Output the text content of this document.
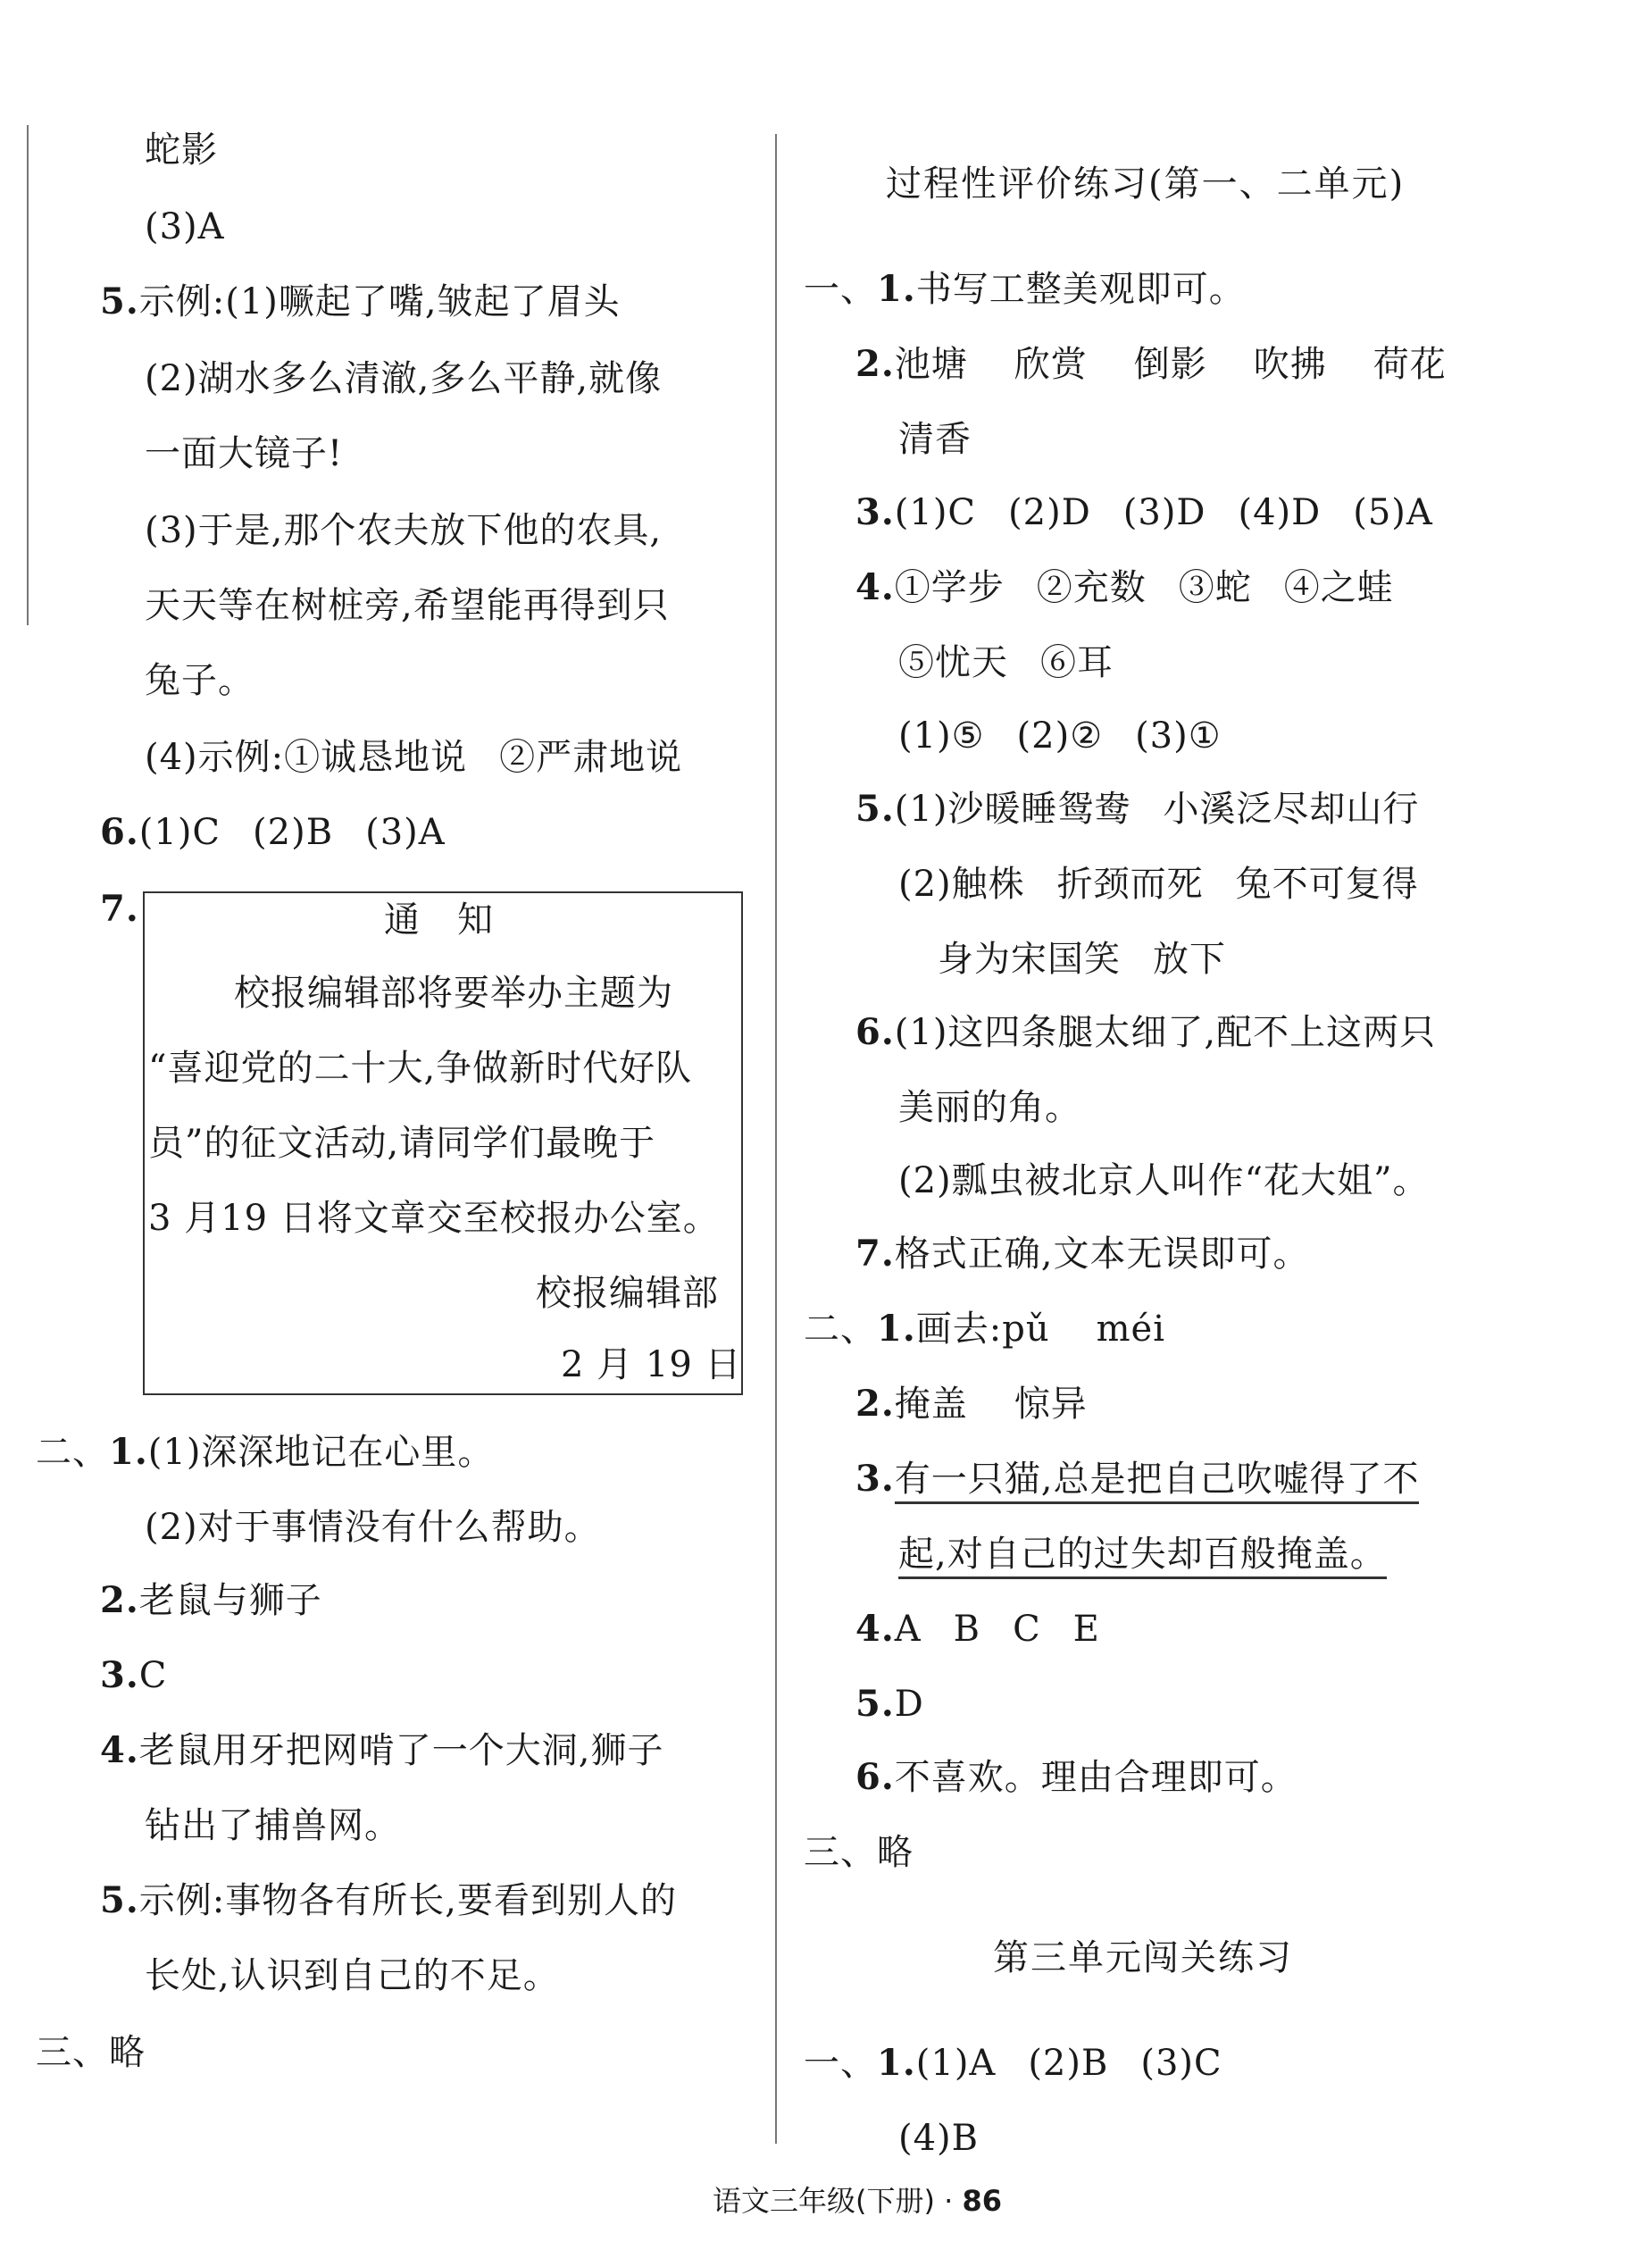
蛇影
(3)A
5.示例:(1)噘起了嘴,皱起了眉头
(2)湖水多么清澈,多么平静,就像
一面大镜子!
(3)于是,那个农夫放下他的农具,
天天等在树桩旁,希望能再得到只
兔子。
(4)示例:①诚恳地说 ②严肃地说
6.(1)C (2)B (3)A
7.	通　知
校报编辑部将要举办主题为
“喜迎党的二十大,争做新时代好队
员”的征文活动,请同学们最晚于
3 月19 日将文章交至校报办公室。
校报编辑部
2 月 19 日
二、1.(1)深深地记在心里。
(2)对于事情没有什么帮助。
2.老鼠与狮子
3.C
4.老鼠用牙把网啃了一个大洞,狮子
钻出了捕兽网。
5.示例:事物各有所长,要看到别人的
长处,认识到自己的不足。
三、略
过程性评价练习(第一、二单元)
一、1.书写工整美观即可。
2.池塘 欣赏 倒影 吹拂 荷花
清香
3.(1)C (2)D (3)D (4)D (5)A
4.①学步 ②充数 ③蛇 ④之蛙
⑤忧天 ⑥耳
(1)⑤ (2)② (3)①
5.(1)沙暖睡鸳鸯 小溪泛尽却山行
(2)触株 折颈而死 兔不可复得
身为宋国笑 放下
6.(1)这四条腿太细了,配不上这两只
美丽的角。
(2)瓢虫被北京人叫作“花大姐”。
7.格式正确,文本无误即可。
二、1.画去:pǔ méi
2.掩盖 惊异
3.有一只猫,总是把自己吹嘘得了不
起,对自己的过失却百般掩盖。
4.A B C E
5.D
6.不喜欢。理由合理即可。
三、略
第三单元闯关练习
一、1.(1)A (2)B (3)C
(4)B
语文三年级(下册) · 86
